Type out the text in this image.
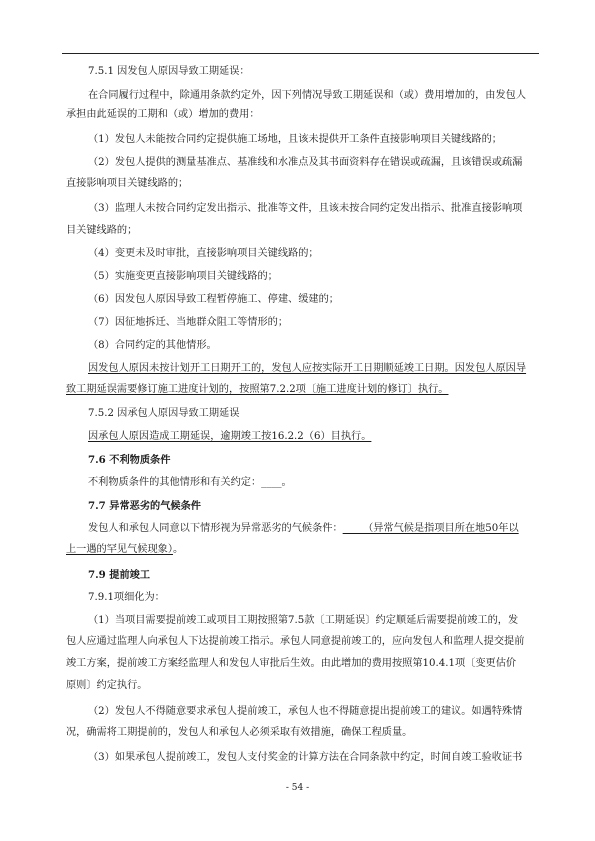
7.5.1 因发包人原因导致工期延误：
在合同履行过程中，除通用条款约定外，因下列情况导致工期延误和（或）费用增加的，由发包人
承担由此延误的工期和（或）增加的费用：
（1）发包人未能按合同约定提供施工场地，且该未提供开工条件直接影响项目关键线路的；
（2）发包人提供的测量基准点、基准线和水准点及其书面资料存在错误或疏漏，且该错误或疏漏
直接影响项目关键线路的；
（3）监理人未按合同约定发出指示、批准等文件，且该未按合同约定发出指示、批准直接影响项
目关键线路的；
（4）变更未及时审批，直接影响项目关键线路的；
（5）实施变更直接影响项目关键线路的；
（6）因发包人原因导致工程暂停施工、停建、缓建的；
（7）因征地拆迁、当地群众阻工等情形的；
（8）合同约定的其他情形。
因发包人原因未按计划开工日期开工的，发包人应按实际开工日期顺延竣工日期。因发包人原因导
致工期延误需要修订施工进度计划的，按照第7.2.2项〔施工进度计划的修订〕执行。
7.5.2 因承包人原因导致工期延误
因承包人原因造成工期延误，逾期竣工按16.2.2（6）目执行。
7.6 不利物质条件
不利物质条件的其他情形和有关约定：____。
7.7 异常恶劣的气候条件
发包人和承包人同意以下情形视为异常恶劣的气候条件：____（异常气候是指项目所在地50年以
上一遇的罕见气候现象）。
7.9 提前竣工
7.9.1项细化为：
（1）当项目需要提前竣工或项目工期按照第7.5款〔工期延误〕约定顺延后需要提前竣工的，发
包人应通过监理人向承包人下达提前竣工指示。承包人同意提前竣工的，应向发包人和监理人提交提前
竣工方案，提前竣工方案经监理人和发包人审批后生效。由此增加的费用按照第10.4.1项〔变更估价
原则〕约定执行。
（2）发包人不得随意要求承包人提前竣工，承包人也不得随意提出提前竣工的建议。如遇特殊情
况，确需将工期提前的，发包人和承包人必须采取有效措施，确保工程质量。
（3）如果承包人提前竣工，发包人支付奖金的计算方法在合同条款中约定，时间自竣工验收证书
- 54 -
